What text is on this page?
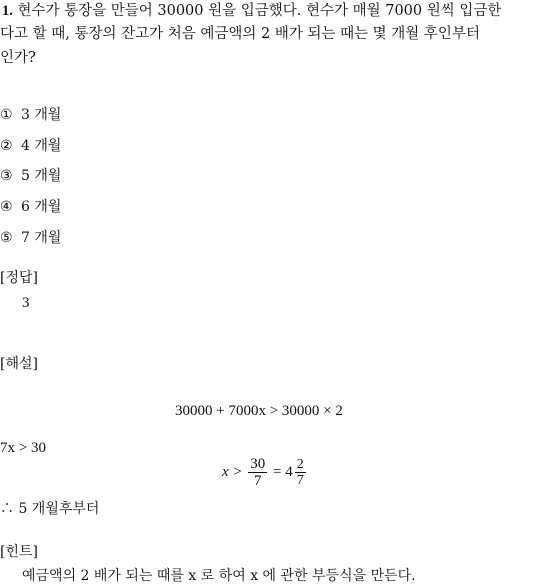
1. 현수가 통장을 만들어 30000 원을 입금했다. 현수가 매월 7000 원씩 입금한
다고 할 때, 통장의 잔고가 처음 예금액의 2 배가 되는 때는 몇 개월 후인부터
인가?
① 3 개월
② 4 개월
③ 5 개월
④ 6 개월
⑤ 7 개월
[정답]
3
[해설]
30000 + 7000x > 30000 × 2
7x > 30
$x > \frac{30}{7} = 4 \frac{2}{7}$
∴ 5 개월후부터
[힌트]
예금액의 2 배가 되는 때를 x 로 하여 x 에 관한 부등식을 만든다.
